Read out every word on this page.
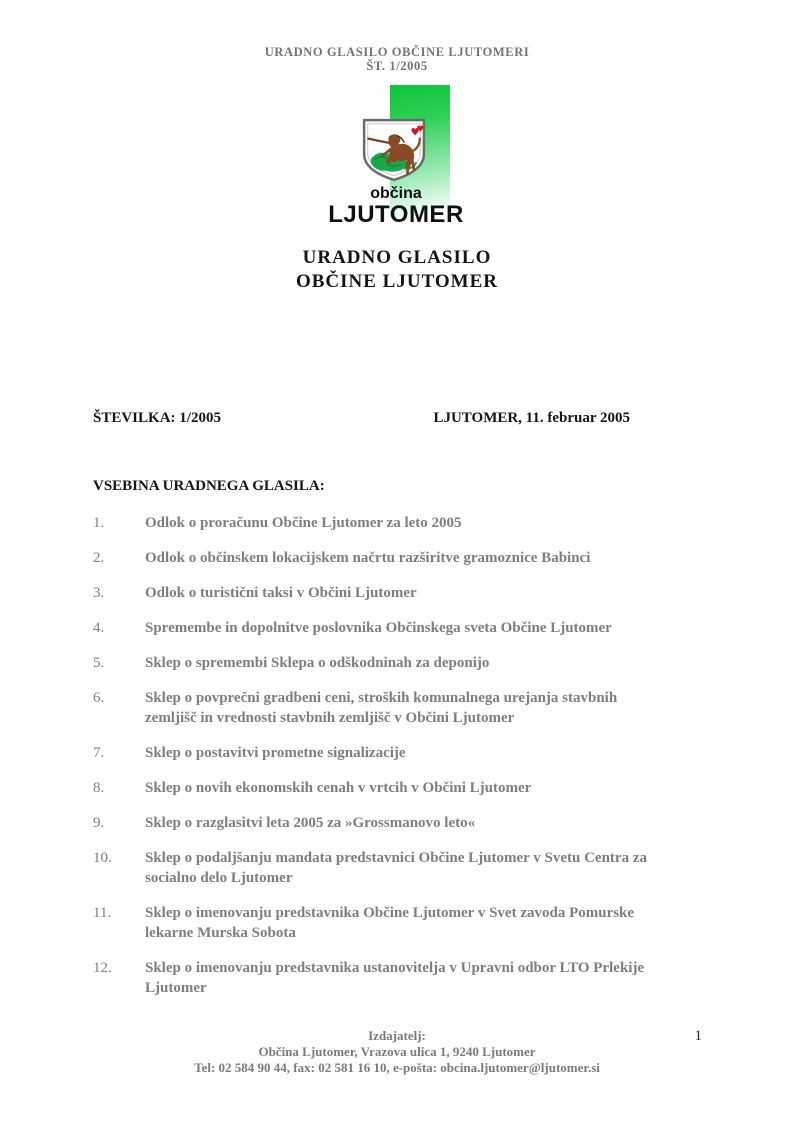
URADNO GLASILO OBČINE LJUTOMERI
ŠT. 1/2005
♥
♥
občina
LJUTOMER
URADNO GLASILO
OBČINE LJUTOMER
ŠTEVILKA: 1/2005	LJUTOMER, 11. februar 2005
VSEBINA URADNEGA GLASILA:
1.	Odlok o proračunu Občine Ljutomer za leto 2005
2.	Odlok o občinskem lokacijskem načrtu razširitve gramoznice Babinci
3.	Odlok o turistični taksi v Občini Ljutomer
4.	Spremembe in dopolnitve poslovnika Občinskega sveta Občine Ljutomer
5.	Sklep o spremembi Sklepa o odškodninah za deponijo
6.	Sklep o povprečni gradbeni ceni, stroških komunalnega urejanja stavbnih
zemljišč in vrednosti stavbnih zemljišč v Občini Ljutomer
7.	Sklep o postavitvi prometne signalizacije
8.	Sklep o novih ekonomskih cenah v vrtcih v Občini Ljutomer
9.	Sklep o razglasitvi leta 2005 za »Grossmanovo leto«
10.	Sklep o podaljšanju mandata predstavnici Občine Ljutomer v Svetu Centra za
socialno delo Ljutomer
11.	Sklep o imenovanju predstavnika Občine Ljutomer v Svet zavoda Pomurske
lekarne Murska Sobota
12.	Sklep o imenovanju predstavnika ustanovitelja v Upravni odbor LTO Prlekije
Ljutomer
Izdajatelj:
Občina Ljutomer, Vrazova ulica 1, 9240 Ljutomer
Tel: 02 584 90 44, fax: 02 581 16 10, e-pošta: obcina.ljutomer@ljutomer.si
1
